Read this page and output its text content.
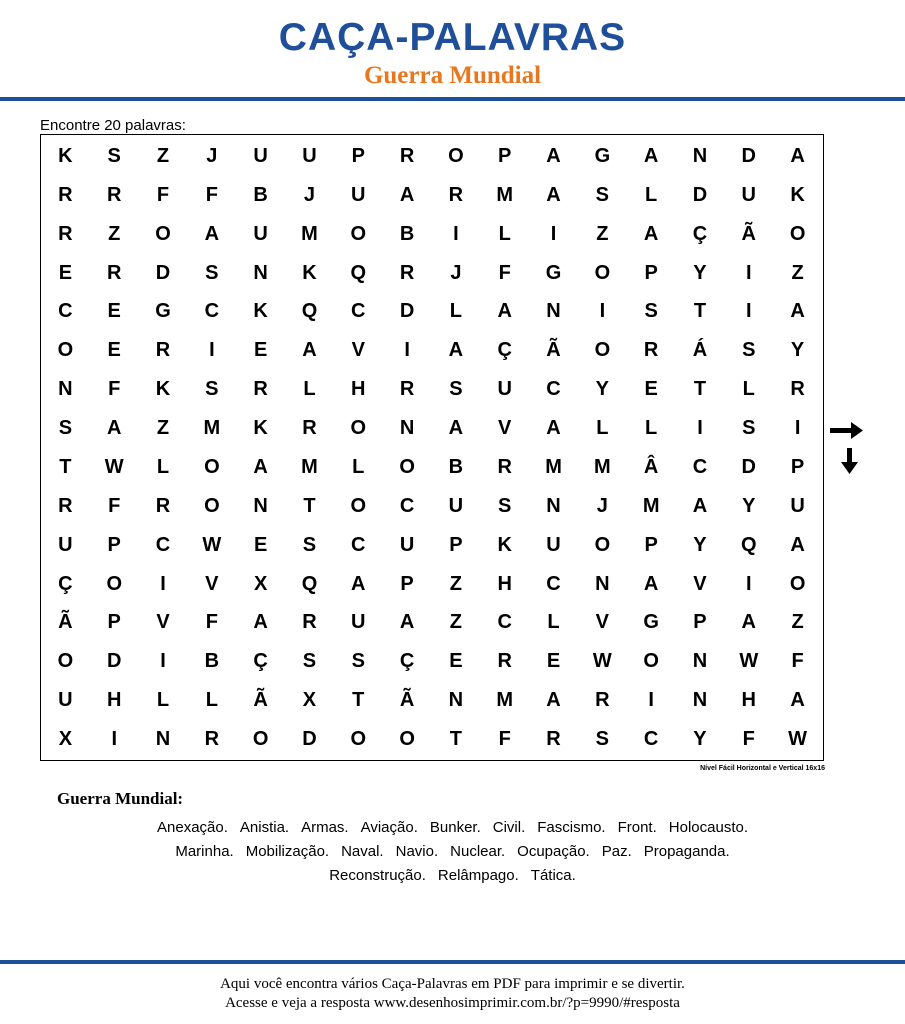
CAÇA-PALAVRAS
Guerra Mundial
Encontre 20 palavras:
K	S	Z	J	U	U	P	R	O	P	A	G	A	N	D	A
R	R	F	F	B	J	U	A	R	M	A	S	L	D	U	K
R	Z	O	A	U	M	O	B	I	L	I	Z	A	Ç	Ã	O
E	R	D	S	N	K	Q	R	J	F	G	O	P	Y	I	Z
C	E	G	C	K	Q	C	D	L	A	N	I	S	T	I	A
O	E	R	I	E	A	V	I	A	Ç	Ã	O	R	Á	S	Y
N	F	K	S	R	L	H	R	S	U	C	Y	E	T	L	R
S	A	Z	M	K	R	O	N	A	V	A	L	L	I	S	I
T	W	L	O	A	M	L	O	B	R	M	M	Â	C	D	P
R	F	R	O	N	T	O	C	U	S	N	J	M	A	Y	U
U	P	C	W	E	S	C	U	P	K	U	O	P	Y	Q	A
Ç	O	I	V	X	Q	A	P	Z	H	C	N	A	V	I	O
Ã	P	V	F	A	R	U	A	Z	C	L	V	G	P	A	Z
O	D	I	B	Ç	S	S	Ç	E	R	E	W	O	N	W	F
U	H	L	L	Ã	X	T	Ã	N	M	A	R	I	N	H	A
X	I	N	R	O	D	O	O	T	F	R	S	C	Y	F	W
Nível Fácil Horizontal e Vertical 16x16
Guerra Mundial:
Anexação. Anistia. Armas. Aviação. Bunker. Civil. Fascismo. Front. Holocausto.
Marinha. Mobilização. Naval. Navio. Nuclear. Ocupação. Paz. Propaganda.
Reconstrução. Relâmpago. Tática.
Aqui você encontra vários Caça-Palavras em PDF para imprimir e se divertir.
Acesse e veja a resposta www.desenhosimprimir.com.br/?p=9990/#resposta
